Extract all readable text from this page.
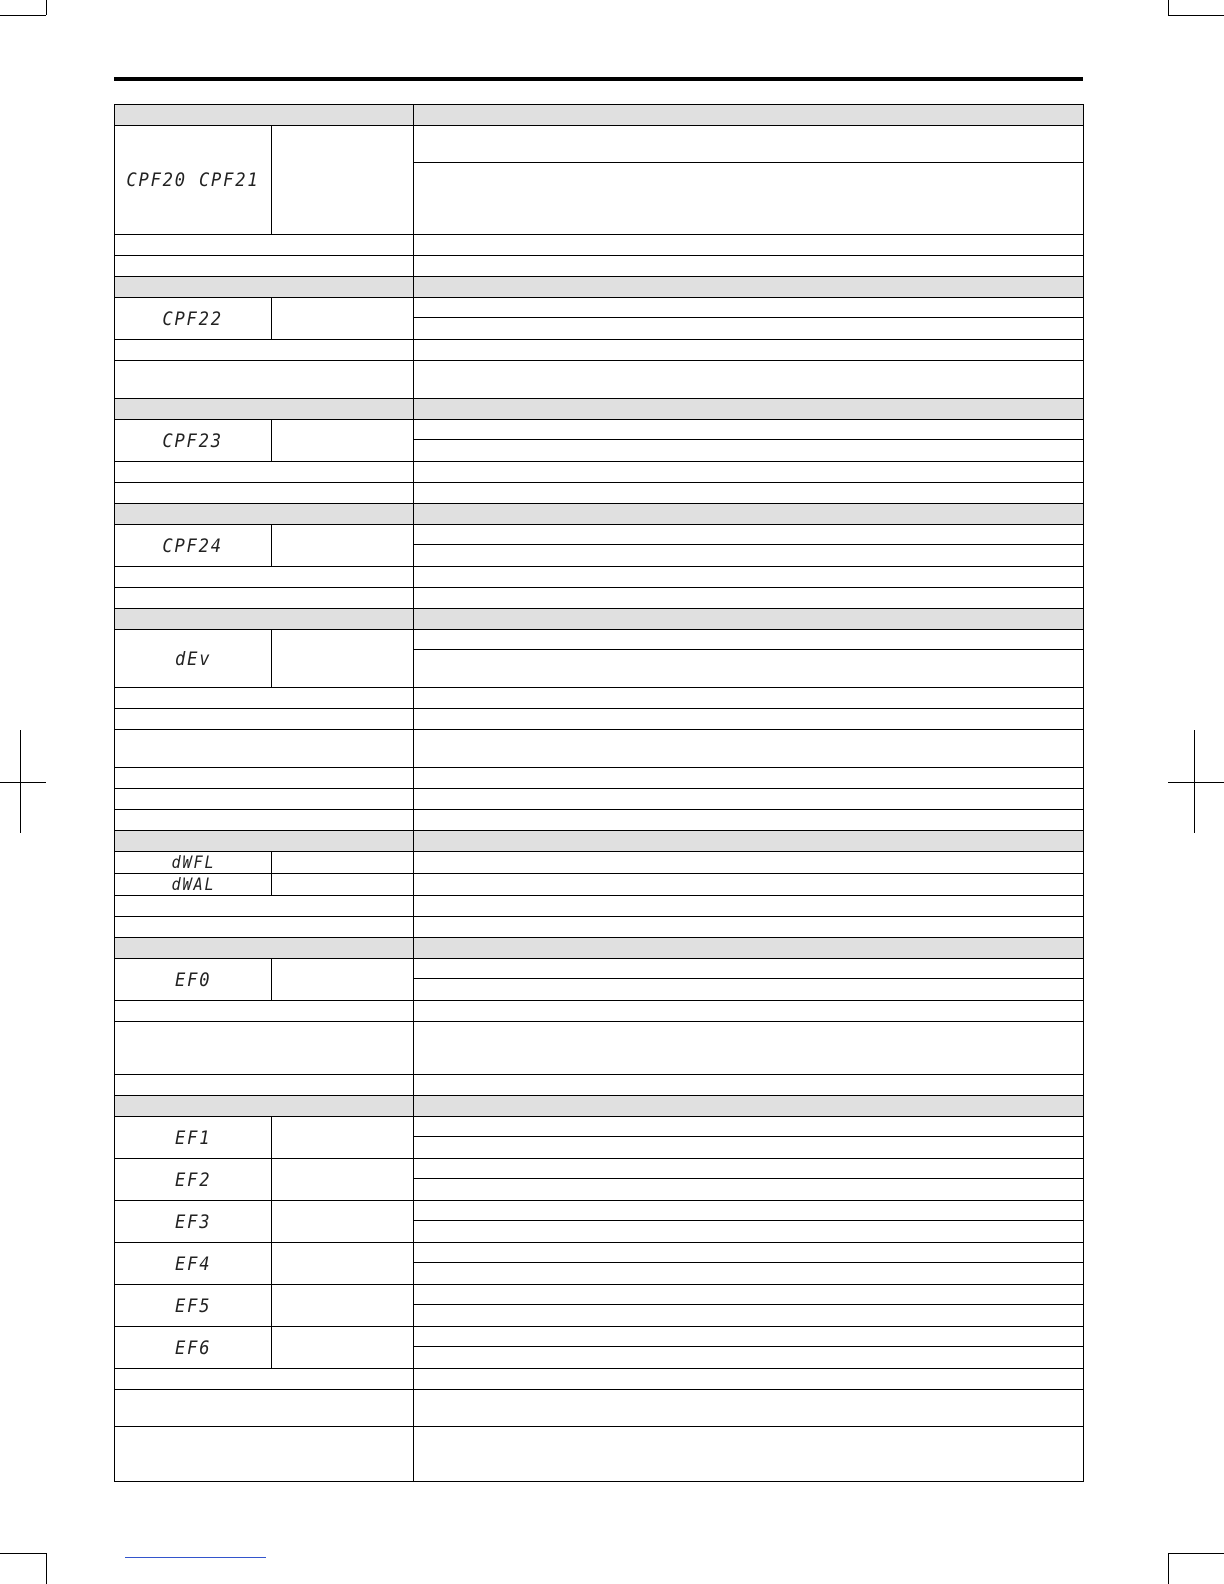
CPF20 CPF21
CPF22
CPF23
CPF24
dEv
dWFL
dWAL
EF0
EF1
EF2
EF3
EF4
EF5
EF6
